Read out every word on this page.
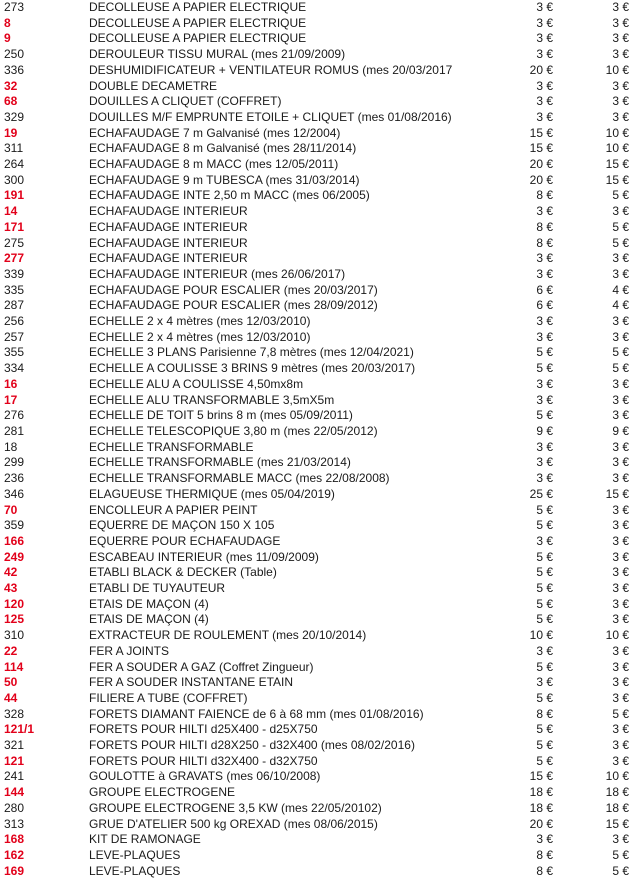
273	DECOLLEUSE A PAPIER ELECTRIQUE	3 €	3 €
8	DECOLLEUSE A PAPIER ELECTRIQUE	3 €	3 €
9	DECOLLEUSE A PAPIER ELECTRIQUE	3 €	3 €
250	DEROULEUR TISSU MURAL (mes 21/09/2009)	3 €	3 €
336	DESHUMIDIFICATEUR + VENTILATEUR ROMUS (mes 20/03/2017	20 €	10 €
32	DOUBLE DECAMETRE	3 €	3 €
68	DOUILLES A CLIQUET (COFFRET)	3 €	3 €
329	DOUILLES M/F EMPRUNTE ETOILE + CLIQUET (mes 01/08/2016)	3 €	3 €
19	ECHAFAUDAGE 7 m Galvanisé (mes 12/2004)	15 €	10 €
311	ECHAFAUDAGE 8 m Galvanisé (mes 28/11/2014)	15 €	10 €
264	ECHAFAUDAGE 8 m MACC (mes 12/05/2011)	20 €	15 €
300	ECHAFAUDAGE 9 m TUBESCA (mes 31/03/2014)	20 €	15 €
191	ECHAFAUDAGE INTE 2,50 m MACC (mes 06/2005)	8 €	5 €
14	ECHAFAUDAGE INTERIEUR	3 €	3 €
171	ECHAFAUDAGE INTERIEUR	8 €	5 €
275	ECHAFAUDAGE INTERIEUR	8 €	5 €
277	ECHAFAUDAGE INTERIEUR	3 €	3 €
339	ECHAFAUDAGE INTERIEUR (mes 26/06/2017)	3 €	3 €
335	ECHAFAUDAGE POUR ESCALIER (mes 20/03/2017)	6 €	4 €
287	ECHAFAUDAGE POUR ESCALIER (mes 28/09/2012)	6 €	4 €
256	ECHELLE 2 x 4 mètres (mes 12/03/2010)	3 €	3 €
257	ECHELLE 2 x 4 mètres (mes 12/03/2010)	3 €	3 €
355	ECHELLE 3 PLANS Parisienne 7,8 mètres (mes 12/04/2021)	5 €	5 €
334	ECHELLE A COULISSE 3 BRINS 9 mètres (mes 20/03/2017)	5 €	5 €
16	ECHELLE ALU A COULISSE 4,50mx8m	3 €	3 €
17	ECHELLE ALU TRANSFORMABLE 3,5mX5m	3 €	3 €
276	ECHELLE DE TOIT 5 brins 8 m (mes 05/09/2011)	5 €	3 €
281	ECHELLE TELESCOPIQUE 3,80 m (mes 22/05/2012)	9 €	9 €
18	ECHELLE TRANSFORMABLE	3 €	3 €
299	ECHELLE TRANSFORMABLE (mes 21/03/2014)	3 €	3 €
236	ECHELLE TRANSFORMABLE MACC (mes 22/08/2008)	3 €	3 €
346	ELAGUEUSE THERMIQUE (mes 05/04/2019)	25 €	15 €
70	ENCOLLEUR A PAPIER PEINT	5 €	3 €
359	EQUERRE DE MAÇON 150 X 105	5 €	3 €
166	EQUERRE POUR ECHAFAUDAGE	3 €	3 €
249	ESCABEAU INTERIEUR (mes 11/09/2009)	5 €	3 €
42	ETABLI BLACK & DECKER (Table)	5 €	3 €
43	ETABLI DE TUYAUTEUR	5 €	3 €
120	ETAIS DE MAÇON (4)	5 €	3 €
125	ETAIS DE MAÇON (4)	5 €	3 €
310	EXTRACTEUR DE ROULEMENT (mes 20/10/2014)	10 €	10 €
22	FER A JOINTS	3 €	3 €
114	FER A SOUDER A GAZ (Coffret Zingueur)	5 €	3 €
50	FER A SOUDER INSTANTANE ETAIN	3 €	3 €
44	FILIERE A TUBE (COFFRET)	5 €	3 €
328	FORETS DIAMANT FAIENCE de 6 à 68 mm (mes 01/08/2016)	8 €	5 €
121/1	FORETS POUR HILTI d25X400 - d25X750	5 €	3 €
321	FORETS POUR HILTI d28X250 - d32X400 (mes 08/02/2016)	5 €	3 €
121	FORETS POUR HILTI d32X400 - d32X750	5 €	3 €
241	GOULOTTE à GRAVATS (mes 06/10/2008)	15 €	10 €
144	GROUPE ELECTROGENE	18 €	18 €
280	GROUPE ELECTROGENE 3,5 KW (mes 22/05/20102)	18 €	18 €
313	GRUE D'ATELIER 500 kg OREXAD (mes 08/06/2015)	20 €	15 €
168	KIT DE RAMONAGE	3 €	3 €
162	LEVE-PLAQUES	8 €	5 €
169	LEVE-PLAQUES	8 €	5 €
